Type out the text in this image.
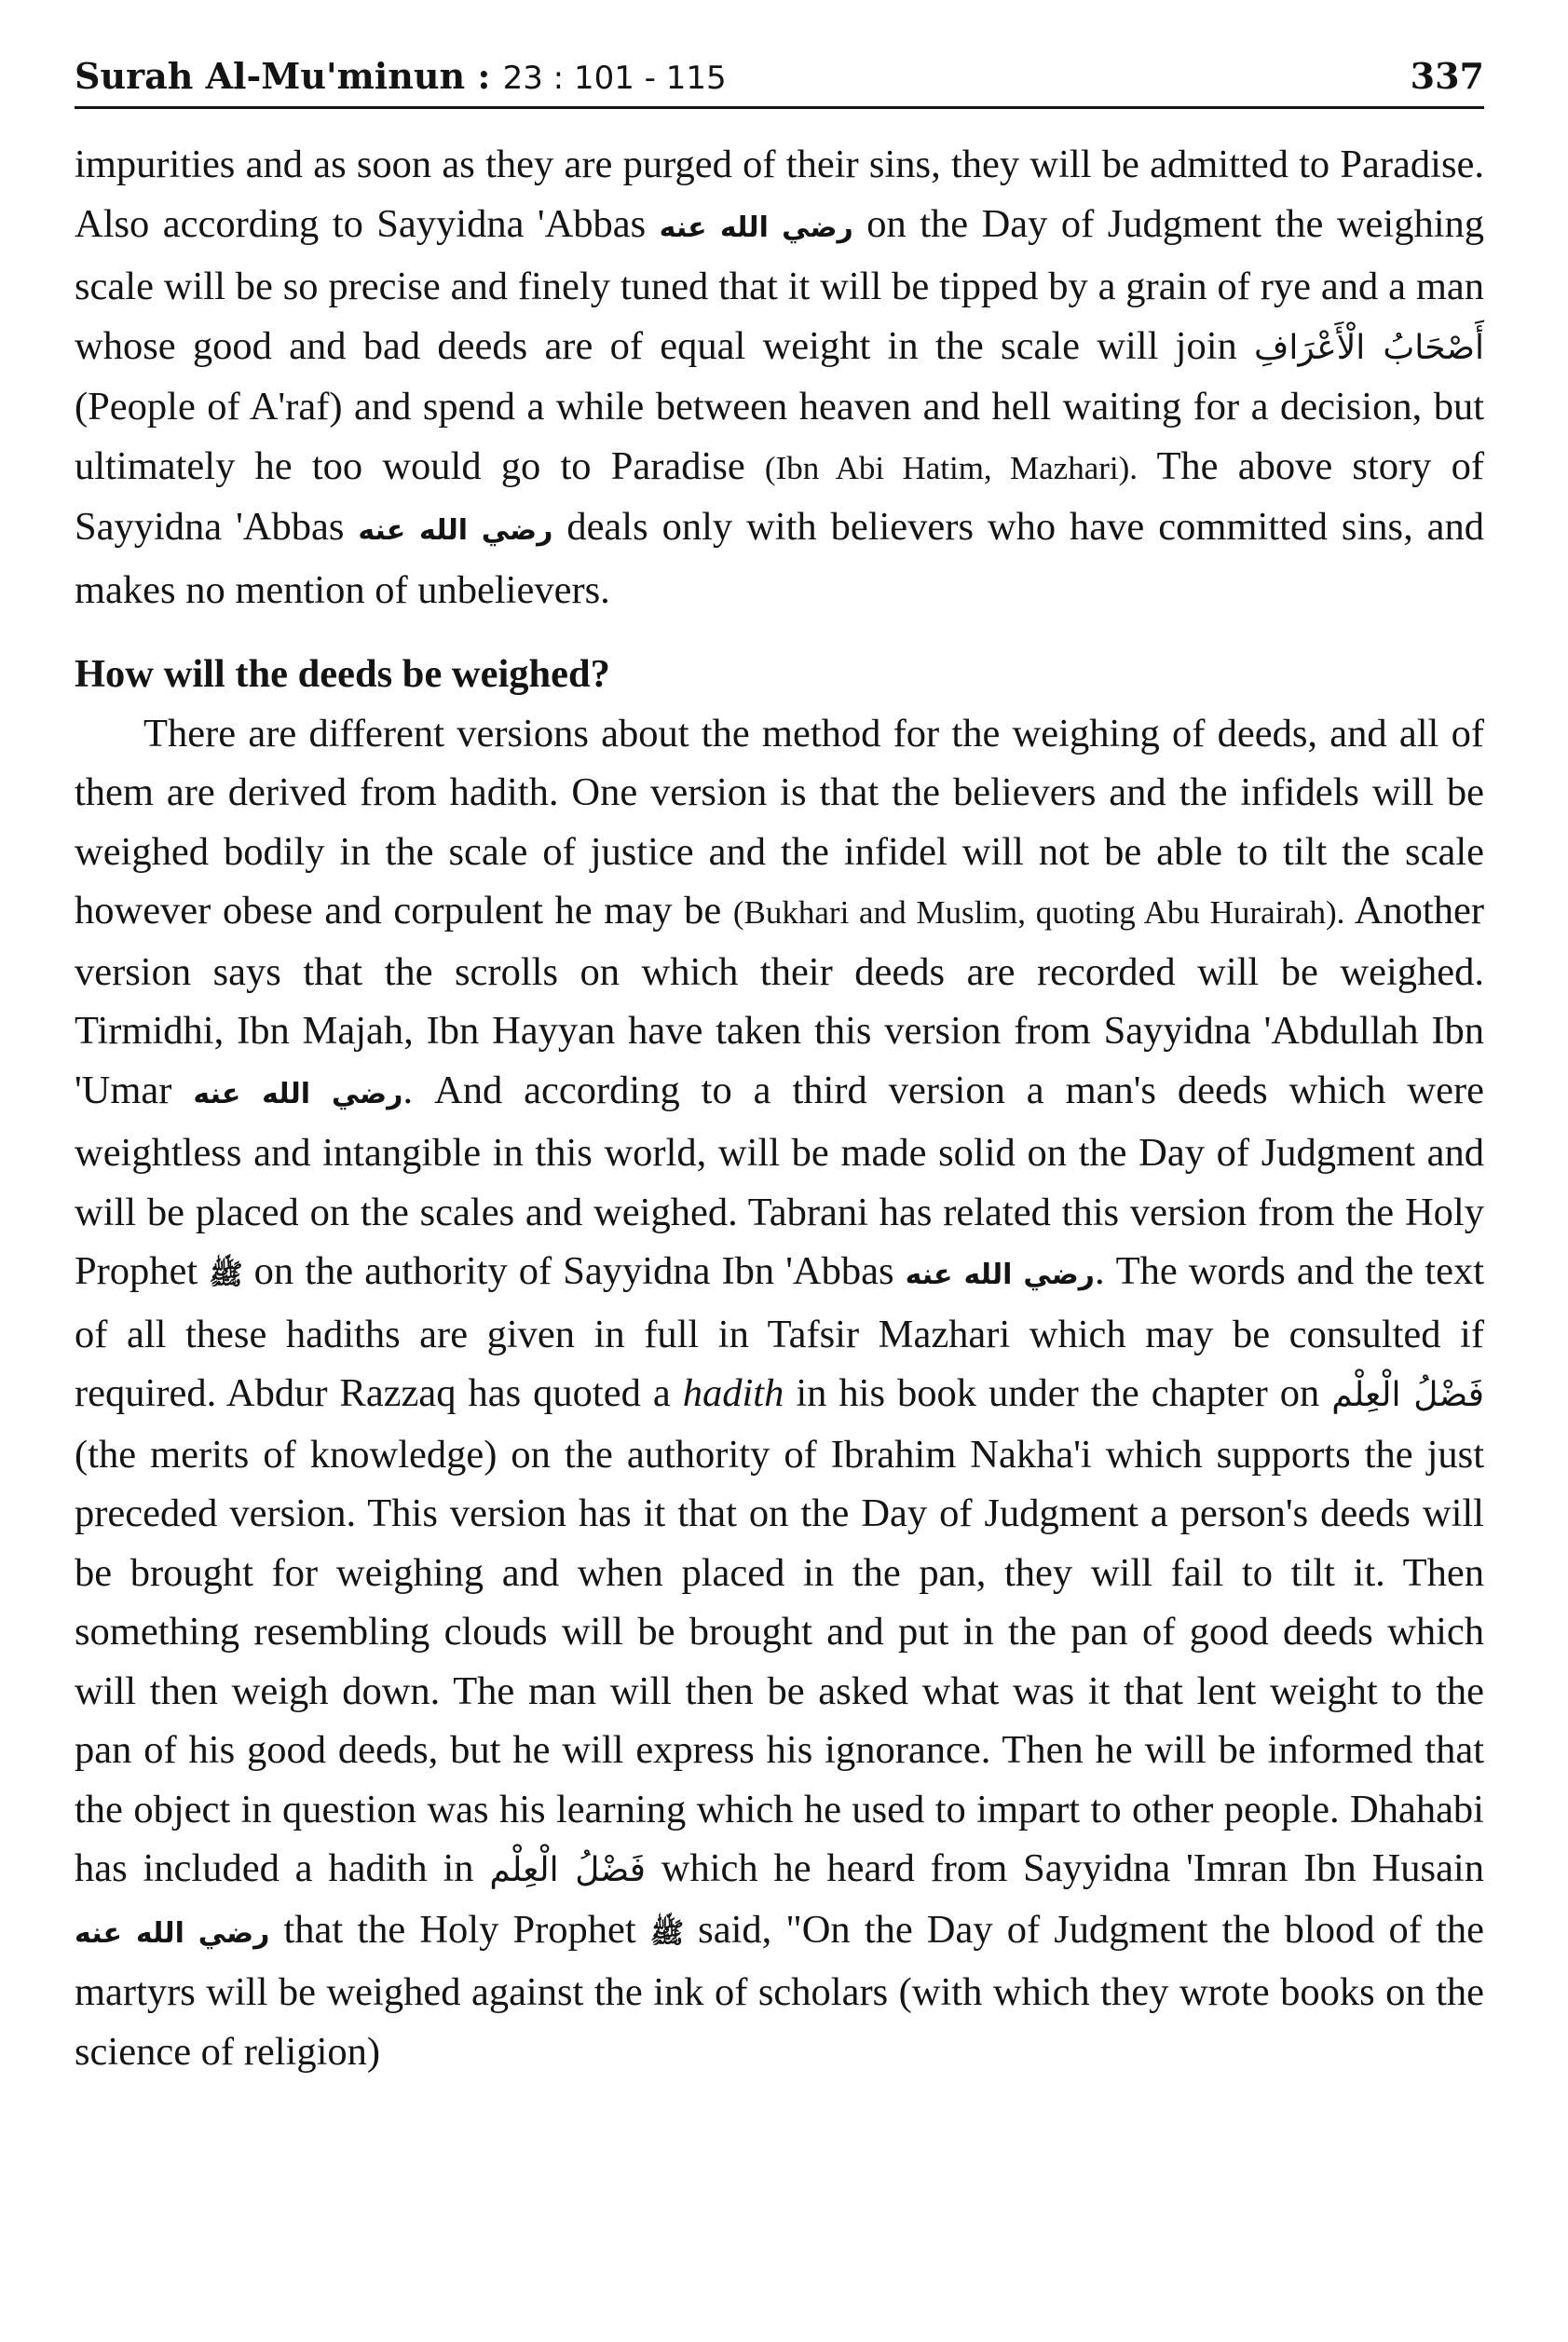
Surah Al-Mu'minun : 23 : 101 - 115	337

impurities and as soon as they are purged of their sins, they will be admitted to Paradise. Also according to Sayyidna 'Abbas رضي الله عنه on the Day of Judgment the weighing scale will be so precise and finely tuned that it will be tipped by a grain of rye and a man whose good and bad deeds are of equal weight in the scale will join أَصْحَابُ الْأَعْرَافِ (People of A'raf) and spend a while between heaven and hell waiting for a decision, but ultimately he too would go to Paradise (Ibn Abi Hatim, Mazhari). The above story of Sayyidna 'Abbas رضي الله عنه deals only with believers who have committed sins, and makes no mention of unbelievers.

How will the deeds be weighed?

There are different versions about the method for the weighing of deeds, and all of them are derived from hadith. One version is that the believers and the infidels will be weighed bodily in the scale of justice and the infidel will not be able to tilt the scale however obese and corpulent he may be (Bukhari and Muslim, quoting Abu Hurairah). Another version says that the scrolls on which their deeds are recorded will be weighed. Tirmidhi, Ibn Majah, Ibn Hayyan have taken this version from Sayyidna 'Abdullah Ibn 'Umar رضي الله عنه. And according to a third version a man's deeds which were weightless and intangible in this world, will be made solid on the Day of Judgment and will be placed on the scales and weighed. Tabrani has related this version from the Holy Prophet ﷺ on the authority of Sayyidna Ibn 'Abbas رضي الله عنه. The words and the text of all these hadiths are given in full in Tafsir Mazhari which may be consulted if required. Abdur Razzaq has quoted a hadith in his book under the chapter on فَضْلُ الْعِلْم (the merits of knowledge) on the authority of Ibrahim Nakha'i which supports the just preceded version. This version has it that on the Day of Judgment a person's deeds will be brought for weighing and when placed in the pan, they will fail to tilt it. Then something resembling clouds will be brought and put in the pan of good deeds which will then weigh down. The man will then be asked what was it that lent weight to the pan of his good deeds, but he will express his ignorance. Then he will be informed that the object in question was his learning which he used to impart to other people. Dhahabi has included a hadith in فَضْلُ الْعِلْم which he heard from Sayyidna 'Imran Ibn Husain رضي الله عنه that the Holy Prophet ﷺ said, "On the Day of Judgment the blood of the martyrs will be weighed against the ink of scholars (with which they wrote books on the science of religion)
